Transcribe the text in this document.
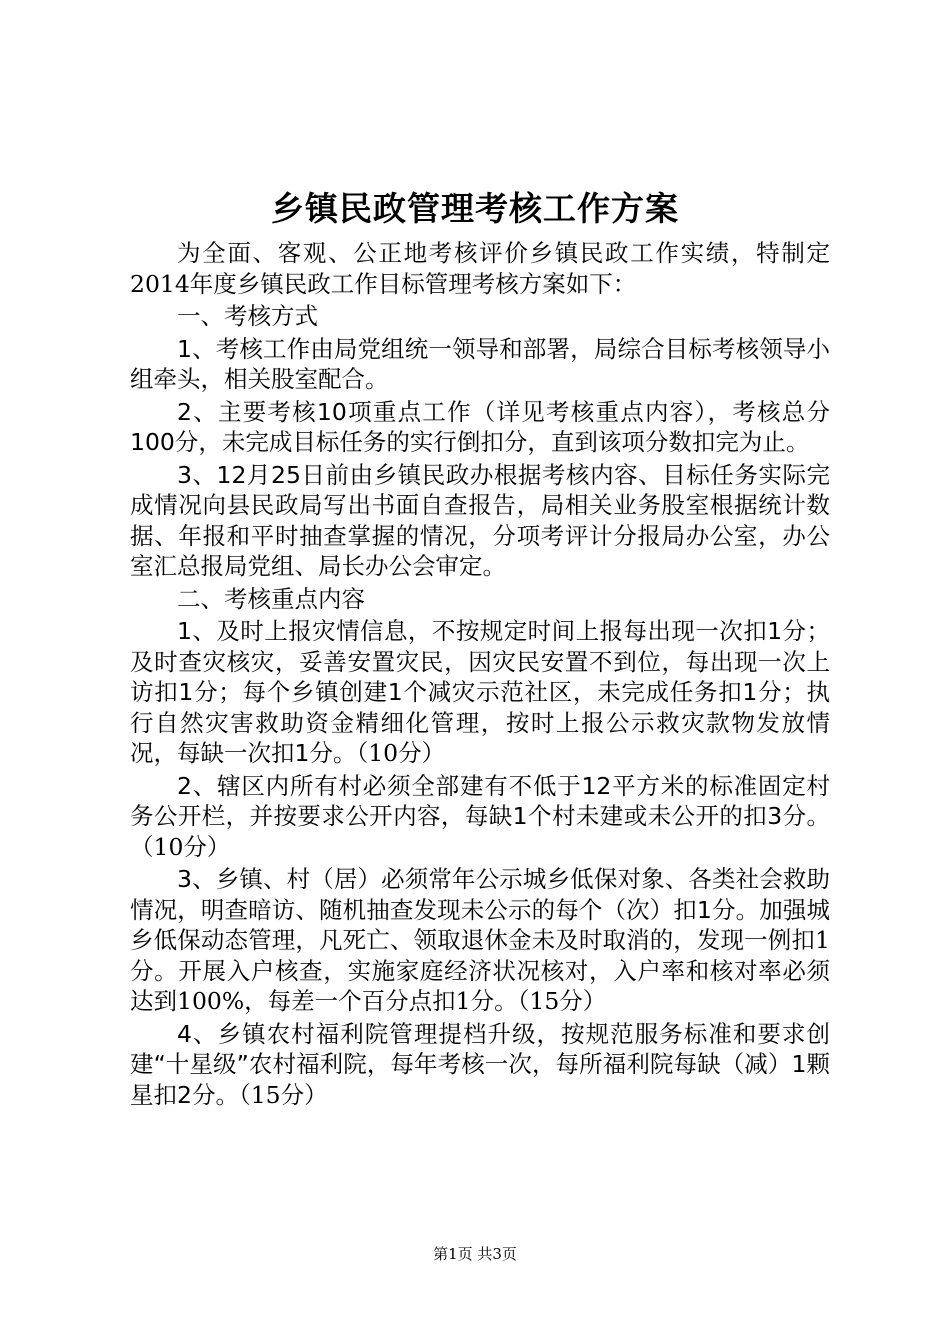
乡镇民政管理考核工作方案

为全面、客观、公正地考核评价乡镇民政工作实绩，特制定2014年度乡镇民政工作目标管理考核方案如下：

一、考核方式

1、考核工作由局党组统一领导和部署，局综合目标考核领导小组牵头，相关股室配合。

2、主要考核10项重点工作（详见考核重点内容），考核总分100分，未完成目标任务的实行倒扣分，直到该项分数扣完为止。

3、12月25日前由乡镇民政办根据考核内容、目标任务实际完成情况向县民政局写出书面自查报告，局相关业务股室根据统计数据、年报和平时抽查掌握的情况，分项考评计分报局办公室，办公室汇总报局党组、局长办公会审定。

二、考核重点内容

1、及时上报灾情信息，不按规定时间上报每出现一次扣1分；及时查灾核灾，妥善安置灾民，因灾民安置不到位，每出现一次上访扣1分；每个乡镇创建1个减灾示范社区，未完成任务扣1分；执行自然灾害救助资金精细化管理，按时上报公示救灾款物发放情况，每缺一次扣1分。（10分）

2、辖区内所有村必须全部建有不低于12平方米的标准固定村务公开栏，并按要求公开内容，每缺1个村未建或未公开的扣3分。（10分）

3、乡镇、村（居）必须常年公示城乡低保对象、各类社会救助情况，明查暗访、随机抽查发现未公示的每个（次）扣1分。加强城乡低保动态管理，凡死亡、领取退休金未及时取消的，发现一例扣1分。开展入户核查，实施家庭经济状况核对，入户率和核对率必须达到100%，每差一个百分点扣1分。（15分）

4、乡镇农村福利院管理提档升级，按规范服务标准和要求创建“十星级”农村福利院，每年考核一次，每所福利院每缺（减）1颗星扣2分。（15分）

第1页 共3页
